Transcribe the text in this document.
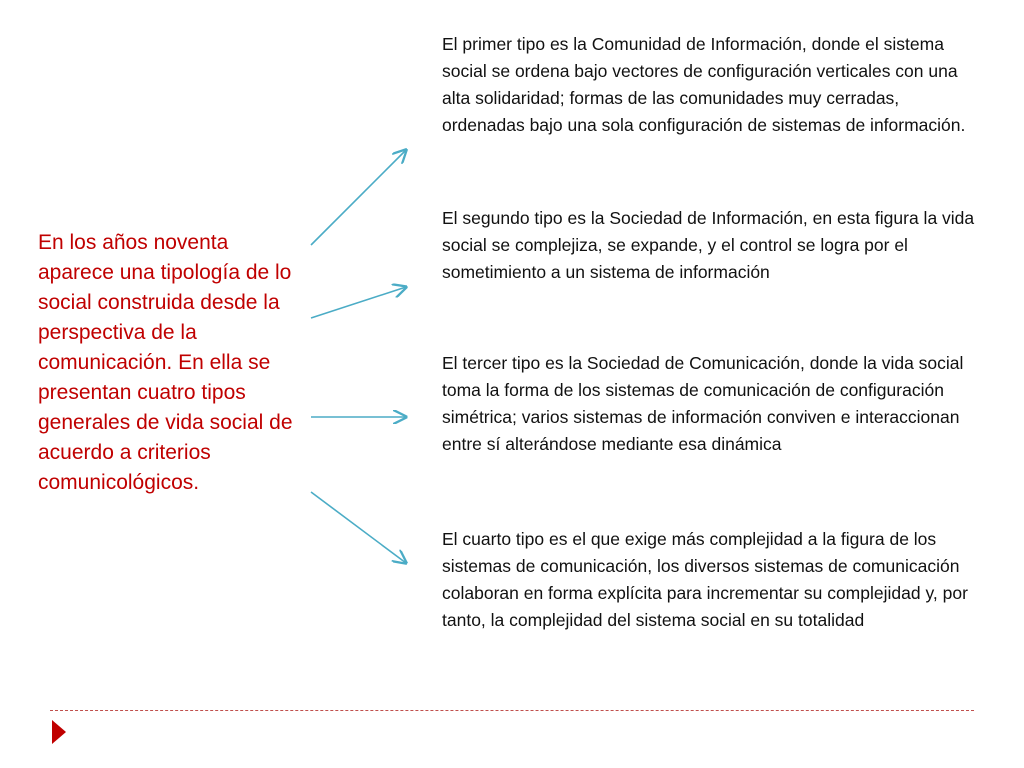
En los años noventa aparece una tipología de lo social construida desde la perspectiva de la comunicación. En ella se presentan cuatro tipos generales de vida social de acuerdo a criterios comunicológicos.

El primer tipo es la Comunidad de Información, donde el sistema social se ordena bajo vectores de configuración verticales con una alta solidaridad; formas de las comunidades muy cerradas, ordenadas bajo una sola configuración de sistemas de información.

El segundo tipo es la Sociedad de Información, en esta figura la vida social se complejiza, se expande, y el control se logra por el sometimiento a un sistema de información

El tercer tipo es la Sociedad de Comunicación, donde la vida social toma la forma de los sistemas de comunicación de configuración simétrica; varios sistemas de información conviven e interaccionan entre sí alterándose mediante esa dinámica

El cuarto tipo es el que exige más complejidad a la figura de los sistemas de comunicación, los diversos sistemas de comunicación colaboran en forma explícita para incrementar su complejidad y, por tanto, la complejidad del sistema social en su totalidad
